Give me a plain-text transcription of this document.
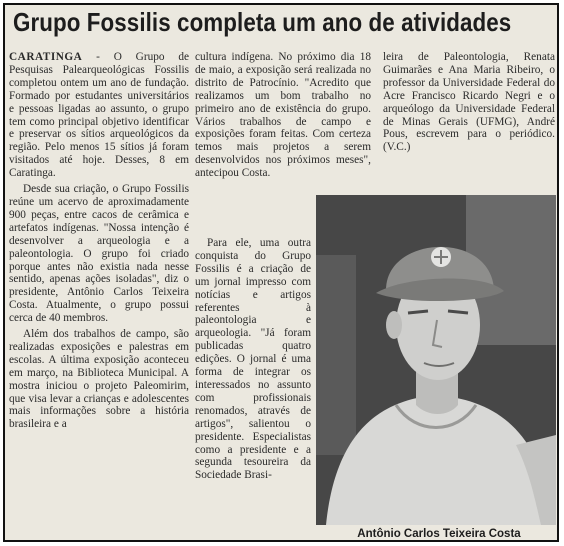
Grupo Fossilis completa um ano de atividades

CARATINGA - O Grupo de Pesquisas Palearqueológicas Fossilis completou ontem um ano de fundação. Formado por estudantes universitários e pessoas ligadas ao assunto, o grupo tem como principal objetivo identificar e preservar os sítios arqueológicos da região. Pelo menos 15 sítios já foram visitados até hoje. Desses, 8 em Caratinga.

Desde sua criação, o Grupo Fossilis reúne um acervo de aproximadamente 900 peças, entre cacos de cerâmica e artefatos indígenas. "Nossa intenção é desenvolver a arqueologia e a paleontologia. O grupo foi criado porque antes não existia nada nesse sentido, apenas ações isoladas", diz o presidente, Antônio Carlos Teixeira Costa. Atualmente, o grupo possui cerca de 40 membros.

Além dos trabalhos de campo, são realizadas exposições e palestras em escolas. A última exposição aconteceu em março, na Biblioteca Municipal. A mostra iniciou o projeto Paleomirim, que visa levar a crianças e adolescentes mais informações sobre a história brasileira e a

cultura indígena. No próximo dia 18 de maio, a exposição será realizada no distrito de Patrocínio. "Acredito que realizamos um bom trabalho no primeiro ano de existência do grupo. Vários trabalhos de campo e exposições foram feitas. Com certeza temos mais projetos a serem desenvolvidos nos próximos meses", antecipou Costa.

Para ele, uma outra conquista do Grupo Fossilis é a criação de um jornal impresso com notícias e artigos referentes à paleontologia e arqueologia. "Já foram publicadas quatro edições. O jornal é uma forma de integrar os interessados no assunto com profissionais renomados, através de artigos", salientou o presidente. Especialistas como a presidente e a segunda tesoureira da Sociedade Brasi-

leira de Paleontologia, Renata Guimarães e Ana Maria Ribeiro, o professor da Universidade Federal do Acre Francisco Ricardo Negri e o arqueólogo da Universidade Federal de Minas Gerais (UFMG), André Pous, escrevem para o periódico. (V.C.)

Antônio Carlos Teixeira Costa
